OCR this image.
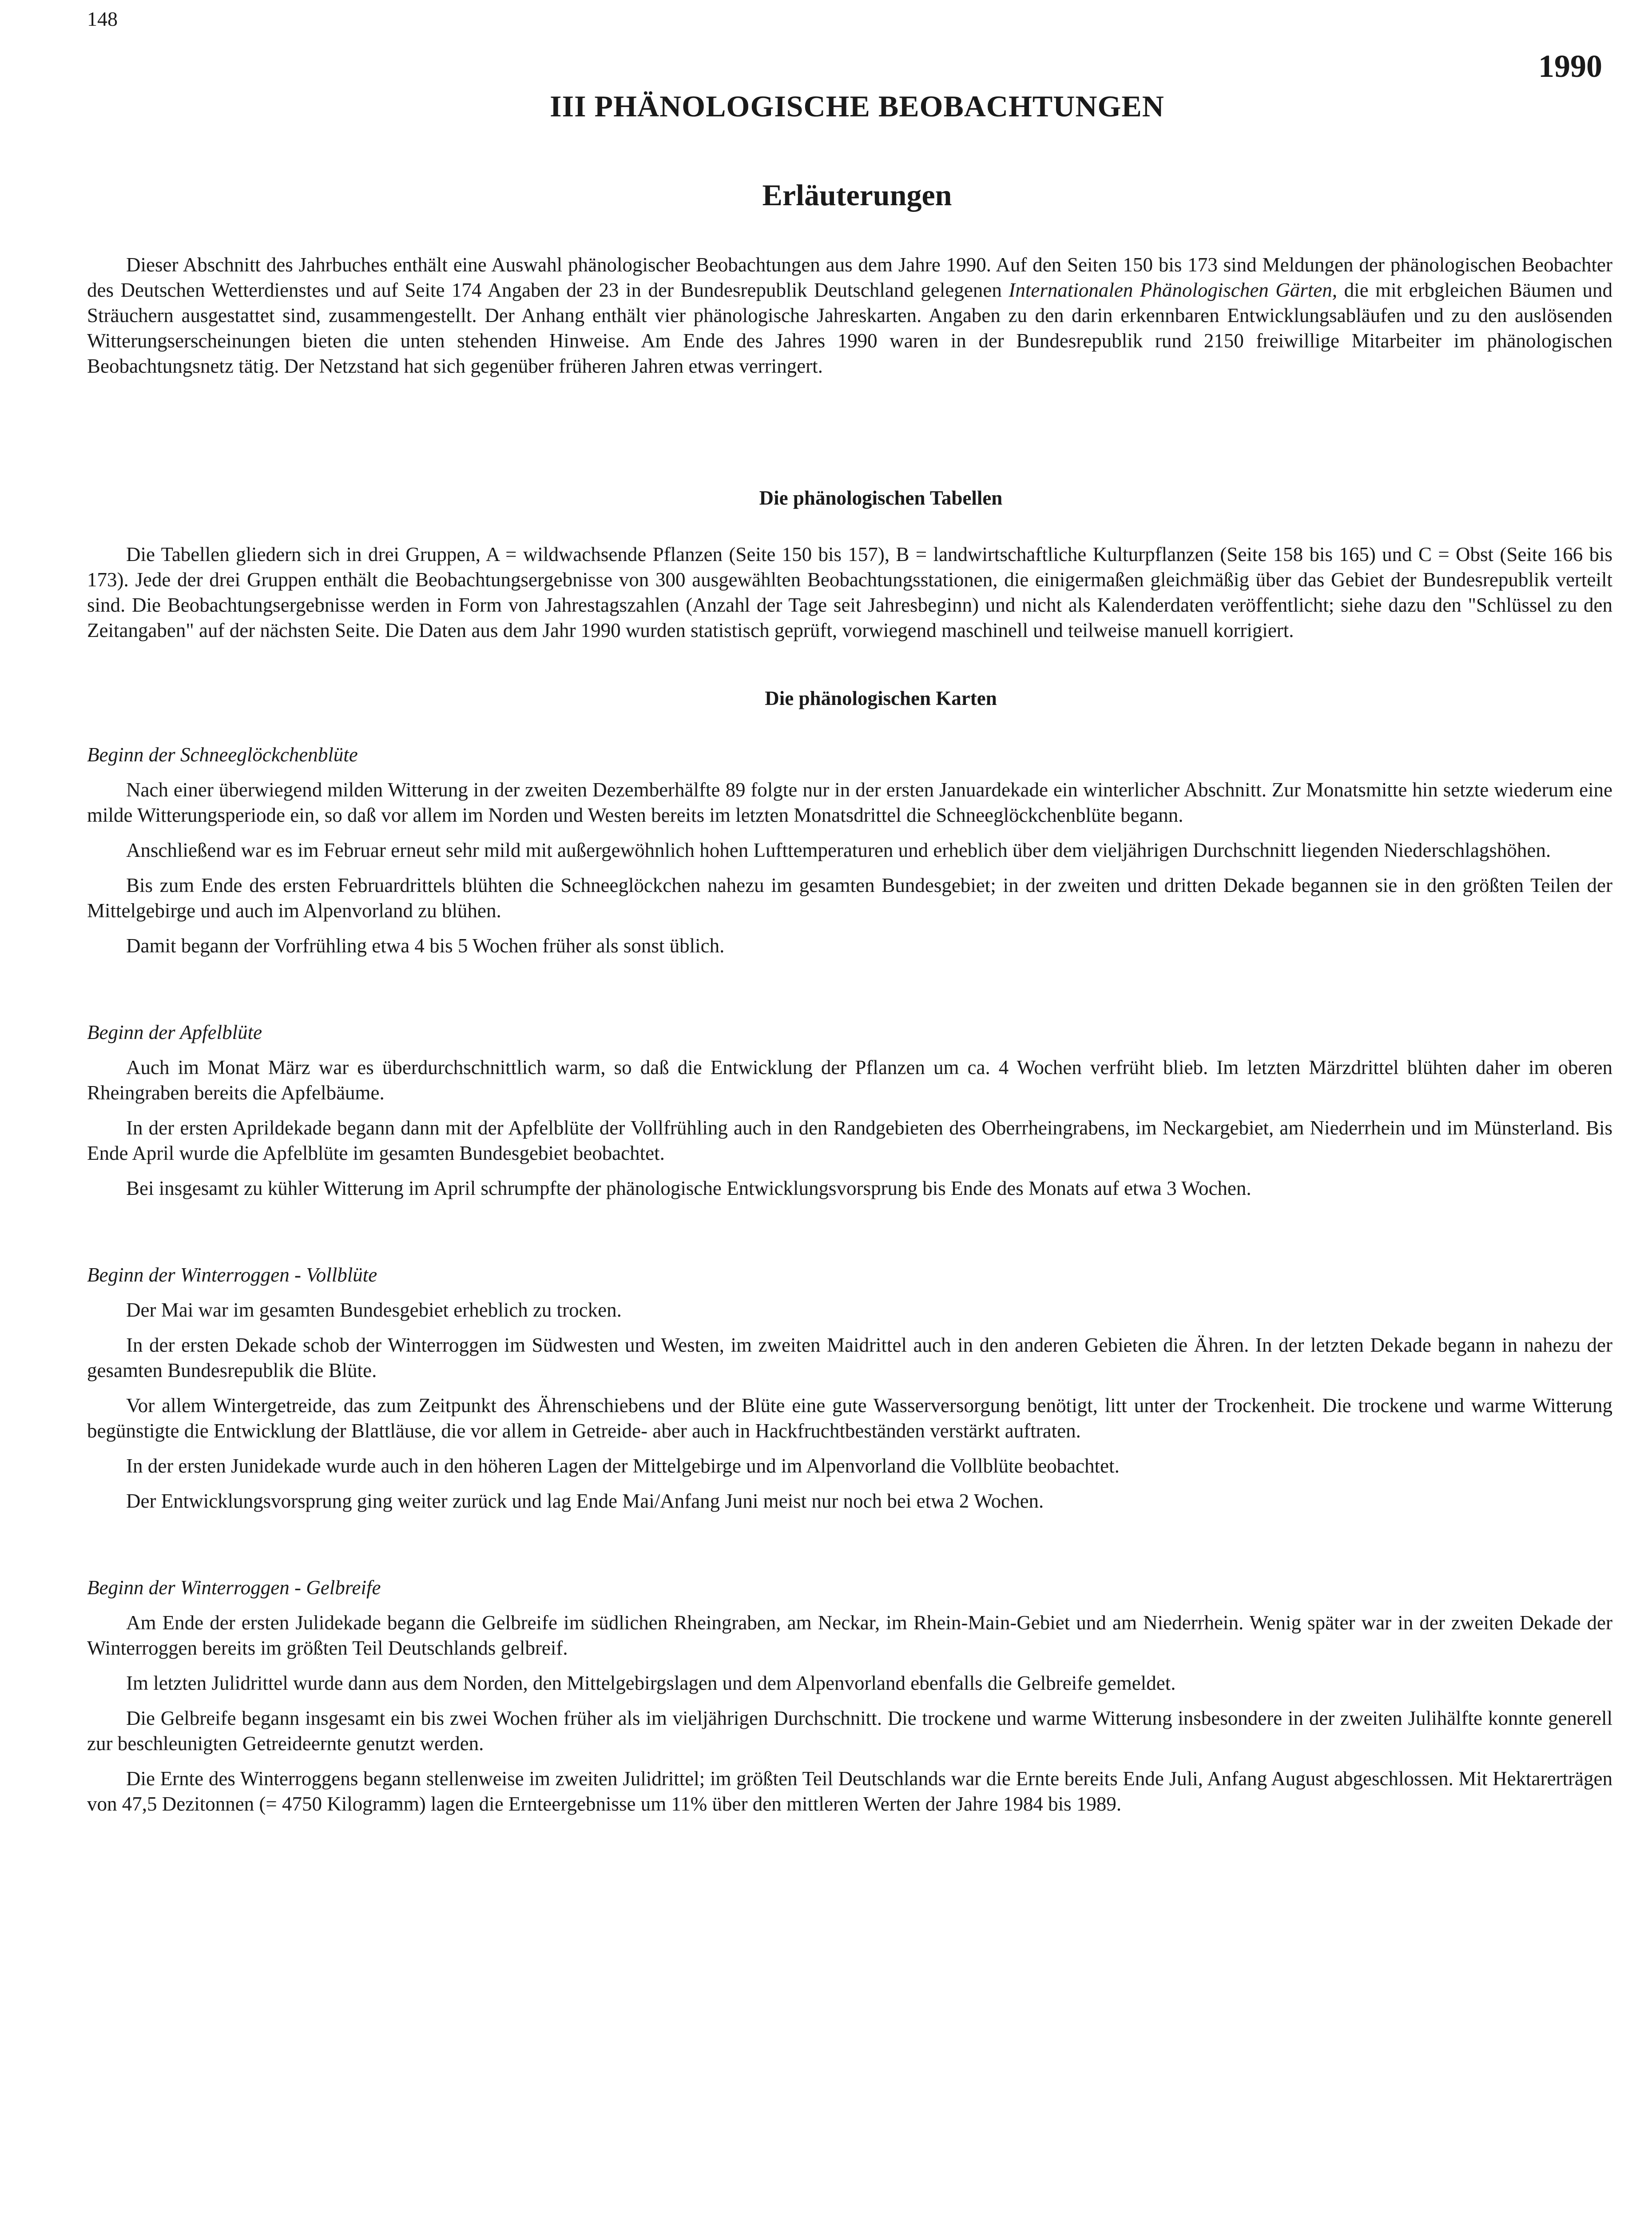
148
1990
III PHÄNOLOGISCHE BEOBACHTUNGEN
Erläuterungen

Dieser Abschnitt des Jahrbuches enthält eine Auswahl phänologischer Beobachtungen aus dem Jahre 1990. Auf den Seiten 150 bis 173 sind Meldungen der phänologischen Beobachter des Deutschen Wetterdienstes und auf Seite 174 Angaben der 23 in der Bundesrepublik Deutschland gelegenen Internationalen Phänologischen Gärten, die mit erbgleichen Bäumen und Sträuchern ausgestattet sind, zusammengestellt. Der Anhang enthält vier phänologische Jahreskarten. Angaben zu den darin erkennbaren Entwicklungsabläufen und zu den auslösenden Witterungserscheinungen bieten die unten stehenden Hinweise. Am Ende des Jahres 1990 waren in der Bundesrepublik rund 2150 freiwillige Mitarbeiter im phänologischen Beobachtungsnetz tätig. Der Netzstand hat sich gegenüber früheren Jahren etwas verringert.

Die phänologischen Tabellen

Die Tabellen gliedern sich in drei Gruppen, A = wildwachsende Pflanzen (Seite 150 bis 157), B = landwirtschaftliche Kulturpflanzen (Seite 158 bis 165) und C = Obst (Seite 166 bis 173). Jede der drei Gruppen enthält die Beobachtungsergebnisse von 300 ausgewählten Beobachtungsstationen, die einigermaßen gleichmäßig über das Gebiet der Bundesrepublik verteilt sind. Die Beobachtungsergebnisse werden in Form von Jahrestagszahlen (Anzahl der Tage seit Jahresbeginn) und nicht als Kalenderdaten veröffentlicht; siehe dazu den "Schlüssel zu den Zeitangaben" auf der nächsten Seite. Die Daten aus dem Jahr 1990 wurden statistisch geprüft, vorwiegend maschinell und teilweise manuell korrigiert.

Die phänologischen Karten

Beginn der Schneeglöckchenblüte

Nach einer überwiegend milden Witterung in der zweiten Dezemberhälfte 89 folgte nur in der ersten Januardekade ein winterlicher Abschnitt. Zur Monatsmitte hin setzte wiederum eine milde Witterungsperiode ein, so daß vor allem im Norden und Westen bereits im letzten Monatsdrittel die Schneeglöckchenblüte begann.

Anschließend war es im Februar erneut sehr mild mit außergewöhnlich hohen Lufttemperaturen und erheblich über dem vieljährigen Durchschnitt liegenden Niederschlagshöhen.

Bis zum Ende des ersten Februardrittels blühten die Schneeglöckchen nahezu im gesamten Bundesgebiet; in der zweiten und dritten Dekade begannen sie in den größten Teilen der Mittelgebirge und auch im Alpenvorland zu blühen.

Damit begann der Vorfrühling etwa 4 bis 5 Wochen früher als sonst üblich.

Beginn der Apfelblüte

Auch im Monat März war es überdurchschnittlich warm, so daß die Entwicklung der Pflanzen um ca. 4 Wochen verfrüht blieb. Im letzten Märzdrittel blühten daher im oberen Rheingraben bereits die Apfelbäume.

In der ersten Aprildekade begann dann mit der Apfelblüte der Vollfrühling auch in den Randgebieten des Oberrheingrabens, im Neckargebiet, am Niederrhein und im Münsterland. Bis Ende April wurde die Apfelblüte im gesamten Bundesgebiet beobachtet.

Bei insgesamt zu kühler Witterung im April schrumpfte der phänologische Entwicklungsvorsprung bis Ende des Monats auf etwa 3 Wochen.

Beginn der Winterroggen - Vollblüte

Der Mai war im gesamten Bundesgebiet erheblich zu trocken.

In der ersten Dekade schob der Winterroggen im Südwesten und Westen, im zweiten Maidrittel auch in den anderen Gebieten die Ähren. In der letzten Dekade begann in nahezu der gesamten Bundesrepublik die Blüte.

Vor allem Wintergetreide, das zum Zeitpunkt des Ährenschiebens und der Blüte eine gute Wasserversorgung benötigt, litt unter der Trockenheit. Die trockene und warme Witterung begünstigte die Entwicklung der Blattläuse, die vor allem in Getreide- aber auch in Hackfruchtbeständen verstärkt auftraten.

In der ersten Junidekade wurde auch in den höheren Lagen der Mittelgebirge und im Alpenvorland die Vollblüte beobachtet.

Der Entwicklungsvorsprung ging weiter zurück und lag Ende Mai/Anfang Juni meist nur noch bei etwa 2 Wochen.

Beginn der Winterroggen - Gelbreife

Am Ende der ersten Julidekade begann die Gelbreife im südlichen Rheingraben, am Neckar, im Rhein-Main-Gebiet und am Niederrhein. Wenig später war in der zweiten Dekade der Winterroggen bereits im größten Teil Deutschlands gelbreif.

Im letzten Julidrittel wurde dann aus dem Norden, den Mittelgebirgslagen und dem Alpenvorland ebenfalls die Gelbreife gemeldet.

Die Gelbreife begann insgesamt ein bis zwei Wochen früher als im vieljährigen Durchschnitt. Die trockene und warme Witterung insbesondere in der zweiten Julihälfte konnte generell zur beschleunigten Getreideernte genutzt werden.

Die Ernte des Winterroggens begann stellenweise im zweiten Julidrittel; im größten Teil Deutschlands war die Ernte bereits Ende Juli, Anfang August abgeschlossen. Mit Hektarerträgen von 47,5 Dezitonnen (= 4750 Kilogramm) lagen die Ernteergebnisse um 11% über den mittleren Werten der Jahre 1984 bis 1989.
